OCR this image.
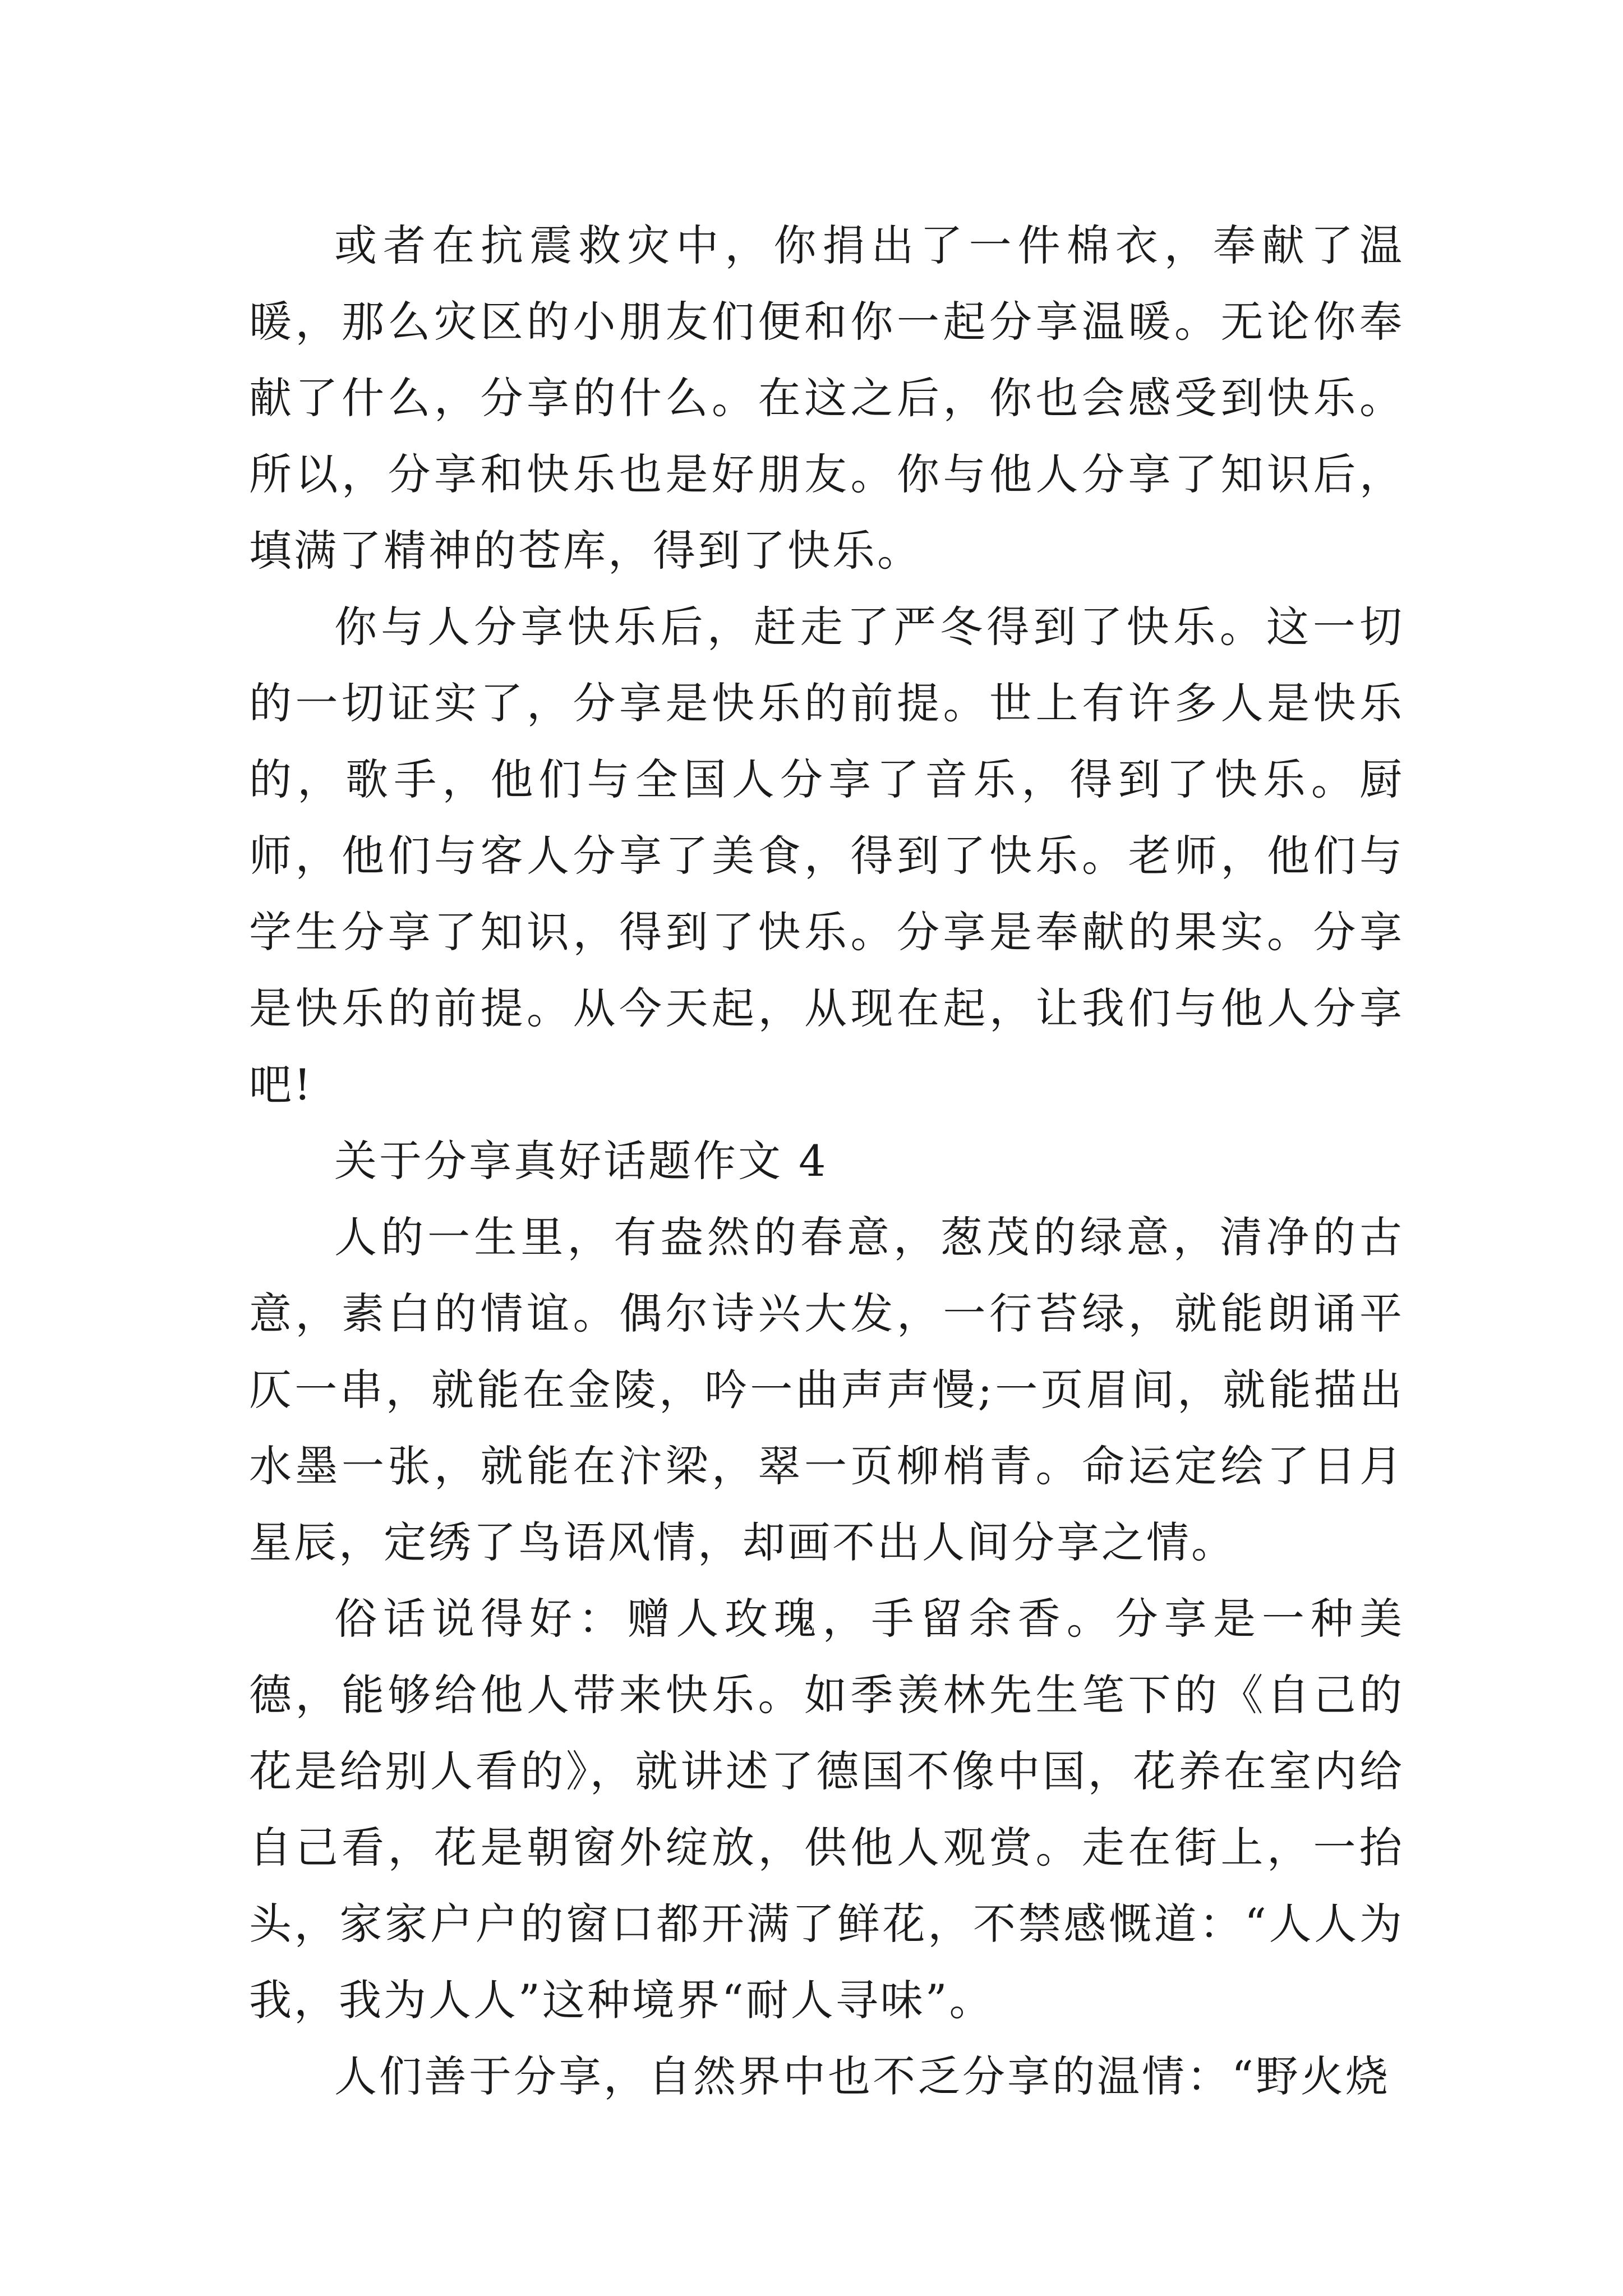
或者在抗震救灾中，你捐出了一件棉衣，奉献了温暖，那么灾区的小朋友们便和你一起分享温暖。无论你奉献了什么，分享的什么。在这之后，你也会感受到快乐。所以，分享和快乐也是好朋友。你与他人分享了知识后，填满了精神的苍库，得到了快乐。

你与人分享快乐后，赶走了严冬得到了快乐。这一切的一切证实了，分享是快乐的前提。世上有许多人是快乐的，歌手，他们与全国人分享了音乐，得到了快乐。厨师，他们与客人分享了美食，得到了快乐。老师，他们与学生分享了知识，得到了快乐。分享是奉献的果实。分享是快乐的前提。从今天起，从现在起，让我们与他人分享吧!

关于分享真好话题作文 4

人的一生里，有盎然的春意，葱茂的绿意，清净的古意，素白的情谊。偶尔诗兴大发，一行苔绿，就能朗诵平仄一串，就能在金陵，吟一曲声声慢;一页眉间，就能描出水墨一张，就能在汴梁，翠一页柳梢青。命运定绘了日月星辰，定绣了鸟语风情，却画不出人间分享之情。

俗话说得好：赠人玫瑰，手留余香。分享是一种美德，能够给他人带来快乐。如季羡林先生笔下的《自己的花是给别人看的》，就讲述了德国不像中国，花养在室内给自己看，花是朝窗外绽放，供他人观赏。走在街上，一抬头，家家户户的窗口都开满了鲜花，不禁感慨道：“人人为我，我为人人”这种境界“耐人寻味”。

人们善于分享，自然界中也不乏分享的温情：“野火烧
